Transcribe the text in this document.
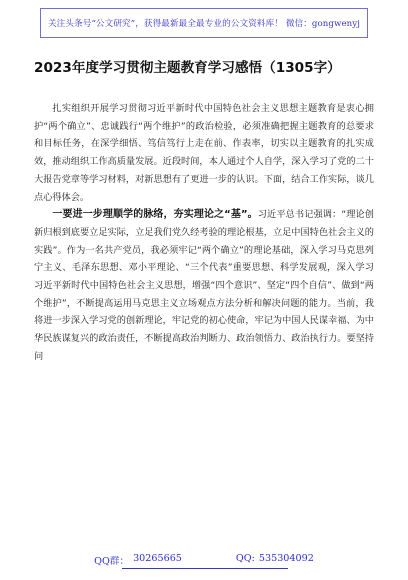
关注头条号“公文研究”，获得最新最全最专业的公文资料库！ 微信：gongwenyj
2023年度学习贯彻主题教育学习感悟（1305字）

扎实组织开展学习贯彻习近平新时代中国特色社会主义思想主题教育是衷心拥护“两个确立”、忠诚践行“两个维护”的政治检验，必须准确把握主题教育的总要求和目标任务，在深学细悟、笃信笃行上走在前、作表率，切实以主题教育的扎实成效，推动组织工作高质量发展。近段时间，本人通过个人自学，深入学习了党的二十大报告党章等学习材料，对新思想有了更进一步的认识。下面，结合工作实际，谈几点心得体会。

一要进一步理顺学的脉络，夯实理论之“基”。习近平总书记强调：“理论创新归根到底要立足实际，立足我们党久经考验的理论根基，立足中国特色社会主义的实践”。作为一名共产党员，我必须牢记“两个确立”的理论基础，深入学习马克思列宁主义、毛泽东思想、邓小平理论、“三个代表”重要思想、科学发展观，深入学习习近平新时代中国特色社会主义思想，增强“四个意识”、坚定“四个自信”、做到“两个维护”，不断提高运用马克思主义立场观点方法分析和解决问题的能力。当前，我将进一步深入学习党的创新理论，牢记党的初心使命，牢记为中国人民谋幸福、为中华民族谋复兴的政治责任，不断提高政治判断力、政治领悟力、政治执行力。要坚持问

QQ群： 30265665	QQ: 535304092
